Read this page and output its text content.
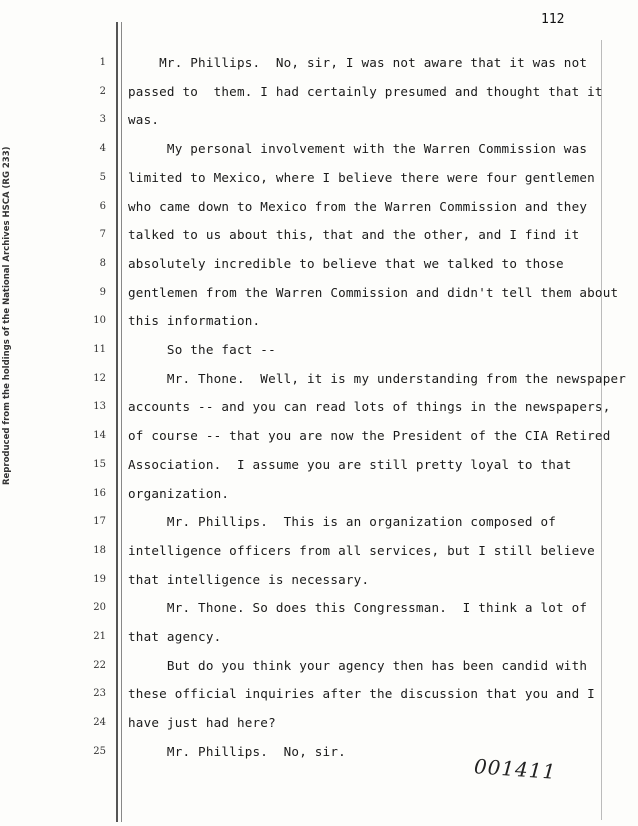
Reproduced from the holdings of the National Archives HSCA (RG 233)
112
1
2
3
4
5
6
7
8
9
10
11
12
13
14
15
16
17
18
19
20
21
22
23
24
25
Mr. Phillips.  No, sir, I was not aware that it was not
passed to  them. I had certainly presumed and thought that it
was.
My personal involvement with the Warren Commission was
limited to Mexico, where I believe there were four gentlemen
who came down to Mexico from the Warren Commission and they
talked to us about this, that and the other, and I find it
absolutely incredible to believe that we talked to those
gentlemen from the Warren Commission and didn't tell them about
this information.
So the fact --
Mr. Thone.  Well, it is my understanding from the newspaper
accounts -- and you can read lots of things in the newspapers,
of course -- that you are now the President of the CIA Retired
Association.  I assume you are still pretty loyal to that
organization.
Mr. Phillips.  This is an organization composed of
intelligence officers from all services, but I still believe
that intelligence is necessary.
Mr. Thone. So does this Congressman.  I think a lot of
that agency.
But do you think your agency then has been candid with
these official inquiries after the discussion that you and I
have just had here?
Mr. Phillips.  No, sir.
001411
